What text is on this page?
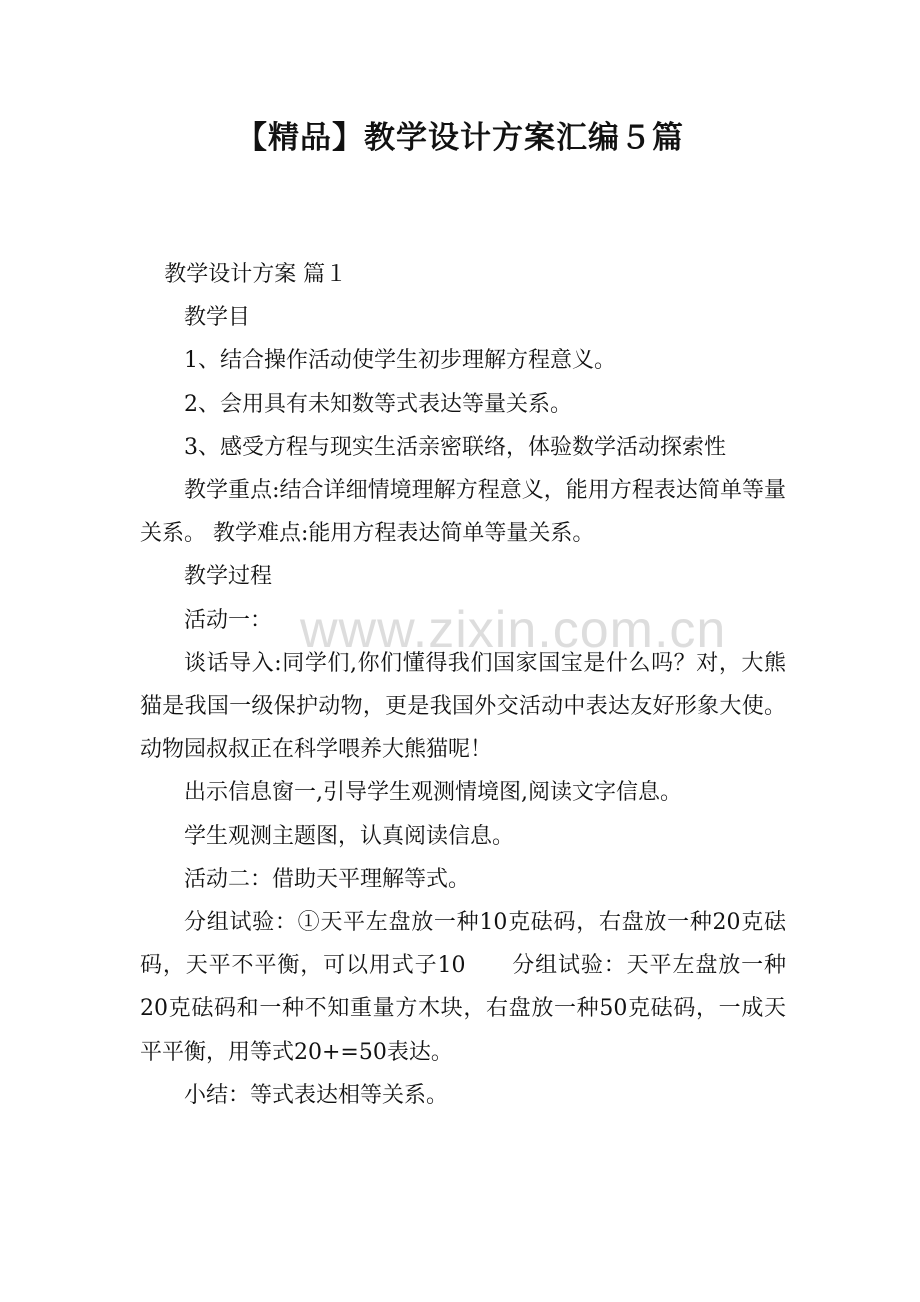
【精品】教学设计方案汇编５篇

教学设计方案 篇１

教学目

1、结合操作活动使学生初步理解方程意义。

2、会用具有未知数等式表达等量关系。

3、感受方程与现实生活亲密联络，体验数学活动探索性

教学重点:结合详细情境理解方程意义，能用方程表达简单等量关系。 教学难点:能用方程表达简单等量关系。

教学过程

活动一：

谈话导入:同学们,你们懂得我们国家国宝是什么吗？对，大熊猫是我国一级保护动物，更是我国外交活动中表达友好形象大使。动物园叔叔正在科学喂养大熊猫呢！

出示信息窗一,引导学生观测情境图,阅读文字信息。

学生观测主题图，认真阅读信息。

活动二：借助天平理解等式。

分组试验：①天平左盘放一种10克砝码，右盘放一种20克砝码，天平不平衡，可以用式子10　　分组试验：天平左盘放一种20克砝码和一种不知重量方木块，右盘放一种50克砝码，一成天平平衡，用等式20+=50表达。

小结：等式表达相等关系。

www.zixin.com.cn
